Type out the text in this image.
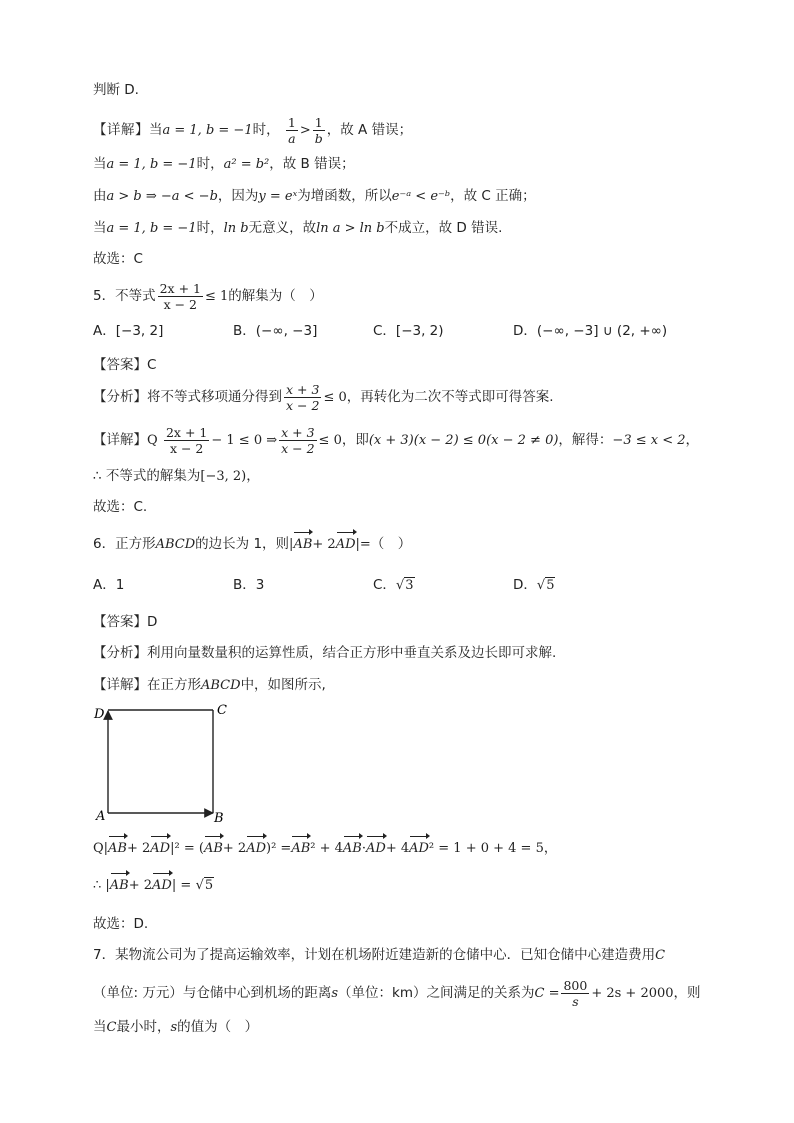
判断 D.
【详解】当a = 1, b = −1时， $\frac{1}{a} > \frac{1}{b}$ ，故 A 错误；
当a = 1, b = −1时，a² = b²，故 B 错误；
由a > b ⇒ −a < −b，因为y = eˣ为增函数，所以e⁻ᵃ < e⁻ᵇ，故 C 正确；
当a = 1, b = −1时，ln b无意义，故ln a > ln b不成立，故 D 错误.
故选：C
5．不等式 $\frac{2x + 1}{x - 2} \le 1$的解集为（　）
A．[−3, 2]	B．(−∞, −3]	C．[−3, 2)	D．(−∞, −3] ∪ (2, +∞)
【答案】C
【分析】将不等式移项通分得到 $\frac{x + 3}{x - 2} \le 0$，再转化为二次不等式即可得答案.
【详解】Q $\frac{2x + 1}{x - 2} - 1 \le 0$ ⇒ $\frac{x + 3}{x - 2} \le 0$，即(x + 3)(x − 2) ≤ 0(x − 2 ≠ 0)，解得：−3 ≤ x < 2，
∴ 不等式的解集为[−3, 2)，
故选：C.
6．正方形ABCD的边长为 1，则|AB+ 2AD|=（　）
A．1	B．3	C．√3	D．√5
【答案】D
【分析】利用向量数量积的运算性质，结合正方形中垂直关系及边长即可求解.
【详解】在正方形ABCD中，如图所示,
D	C
A	B
Q|AB+ 2AD|² = (AB+ 2AD)² =AB² + 4AB·AD+ 4AD² = 1 + 0 + 4 = 5，
∴ |AB+ 2AD| = √5
故选：D.
7．某物流公司为了提高运输效率，计划在机场附近建造新的仓储中心．已知仓储中心建造费用C
（单位: 万元）与仓储中心到机场的距离s（单位：km）之间满足的关系为$C = \frac{800}{s} + 2s + 2000$，则
当C最小时，s的值为（　）
